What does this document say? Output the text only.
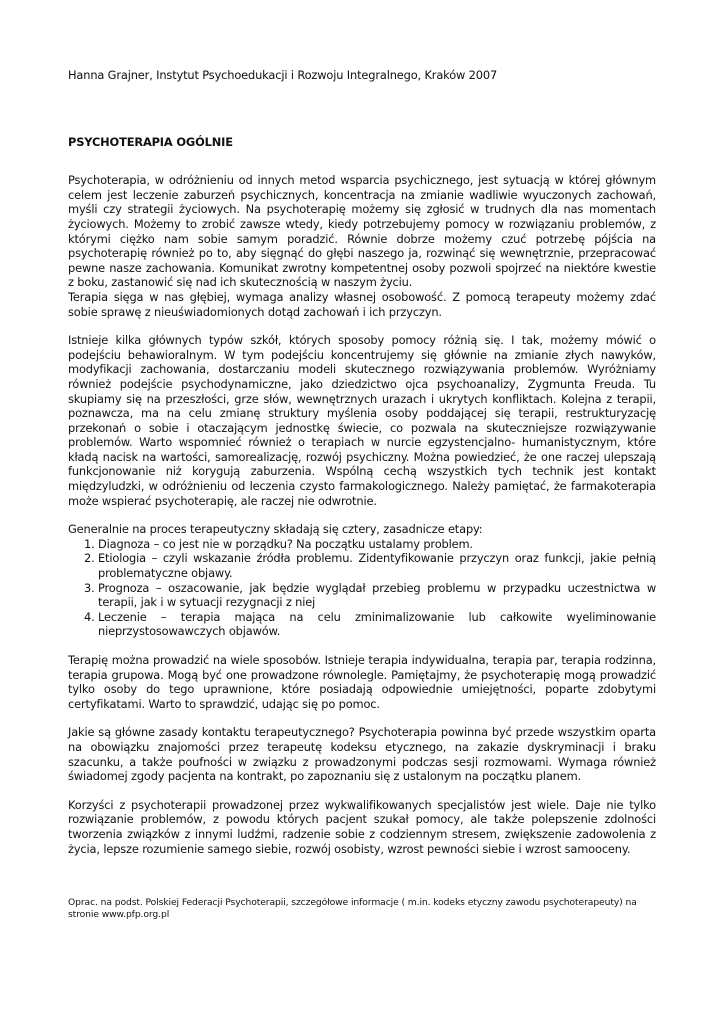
Hanna Grajner, Instytut Psychoedukacji i Rozwoju Integralnego, Kraków 2007
PSYCHOTERAPIA OGÓLNIE

Psychoterapia, w odróżnieniu od innych metod wsparcia psychicznego, jest sytuacją w której głównym celem jest leczenie zaburzeń psychicznych, koncentracja na zmianie wadliwie wyuczonych zachowań, myśli czy strategii życiowych. Na psychoterapię możemy się zgłosić w trudnych dla nas momentach życiowych. Możemy to zrobić zawsze wtedy, kiedy potrzebujemy pomocy w rozwiązaniu problemów, z którymi ciężko nam sobie samym poradzić. Równie dobrze możemy czuć potrzebę pójścia na psychoterapię również po to, aby sięgnąć do głębi naszego ja, rozwinąć się wewnętrznie, przepracować pewne nasze zachowania. Komunikat zwrotny kompetentnej osoby pozwoli spojrzeć na niektóre kwestie z boku, zastanowić się nad ich skutecznością w naszym życiu.

Terapia sięga w nas głębiej, wymaga analizy własnej osobowość. Z pomocą terapeuty możemy zdać sobie sprawę z nieuświadomionych dotąd zachowań i ich przyczyn.

Istnieje kilka głównych typów szkół, których sposoby pomocy różnią się. I tak, możemy mówić o podejściu behawioralnym. W tym podejściu koncentrujemy się głównie na zmianie złych nawyków, modyfikacji zachowania, dostarczaniu modeli skutecznego rozwiązywania problemów. Wyróżniamy również podejście psychodynamiczne, jako dziedzictwo ojca psychoanalizy, Zygmunta Freuda. Tu skupiamy się na przeszłości, grze słów, wewnętrznych urazach i ukrytych konfliktach. Kolejna z terapii, poznawcza, ma na celu zmianę struktury myślenia osoby poddającej się terapii, restrukturyzację przekonań o sobie i otaczającym jednostkę świecie, co pozwala na skuteczniejsze rozwiązywanie problemów. Warto wspomnieć również o terapiach w nurcie egzystencjalno- humanistycznym, które kładą nacisk na wartości, samorealizację, rozwój psychiczny. Można powiedzieć, że one raczej ulepszają funkcjonowanie niż korygują zaburzenia. Wspólną cechą wszystkich tych technik jest kontakt międzyludzki, w odróżnieniu od leczenia czysto farmakologicznego. Należy pamiętać, że farmakoterapia może wspierać psychoterapię, ale raczej nie odwrotnie.

Generalnie na proces terapeutyczny składają się cztery, zasadnicze etapy:

1. Diagnoza – co jest nie w porządku? Na początku ustalamy problem.
2. Etiologia – czyli wskazanie źródła problemu. Zidentyfikowanie przyczyn oraz funkcji, jakie pełnią problematyczne objawy.
3. Prognoza – oszacowanie, jak będzie wyglądał przebieg problemu w przypadku uczestnictwa w terapii, jak i w sytuacji rezygnacji z niej
4. Leczenie – terapia mająca na celu zminimalizowanie lub całkowite wyeliminowanie nieprzystosowawczych objawów.

Terapię można prowadzić na wiele sposobów. Istnieje terapia indywidualna, terapia par, terapia rodzinna, terapia grupowa. Mogą być one prowadzone równolegle. Pamiętajmy, że psychoterapię mogą prowadzić tylko osoby do tego uprawnione, które posiadają odpowiednie umiejętności, poparte zdobytymi certyfikatami. Warto to sprawdzić, udając się po pomoc.

Jakie są główne zasady kontaktu terapeutycznego? Psychoterapia powinna być przede wszystkim oparta na obowiązku znajomości przez terapeutę kodeksu etycznego, na zakazie dyskryminacji i braku szacunku, a także poufności w związku z prowadzonymi podczas sesji rozmowami. Wymaga również świadomej zgody pacjenta na kontrakt, po zapoznaniu się z ustalonym na początku planem.

Korzyści z psychoterapii prowadzonej przez wykwalifikowanych specjalistów jest wiele. Daje nie tylko rozwiązanie problemów, z powodu których pacjent szukał pomocy, ale także polepszenie zdolności tworzenia związków z innymi ludźmi, radzenie sobie z codziennym stresem, zwiększenie zadowolenia z życia, lepsze rozumienie samego siebie, rozwój osobisty, wzrost pewności siebie i wzrost samooceny.

Oprac. na podst. Polskiej Federacji Psychoterapii, szczegółowe informacje ( m.in. kodeks etyczny zawodu psychoterapeuty) na stronie www.pfp.org.pl
